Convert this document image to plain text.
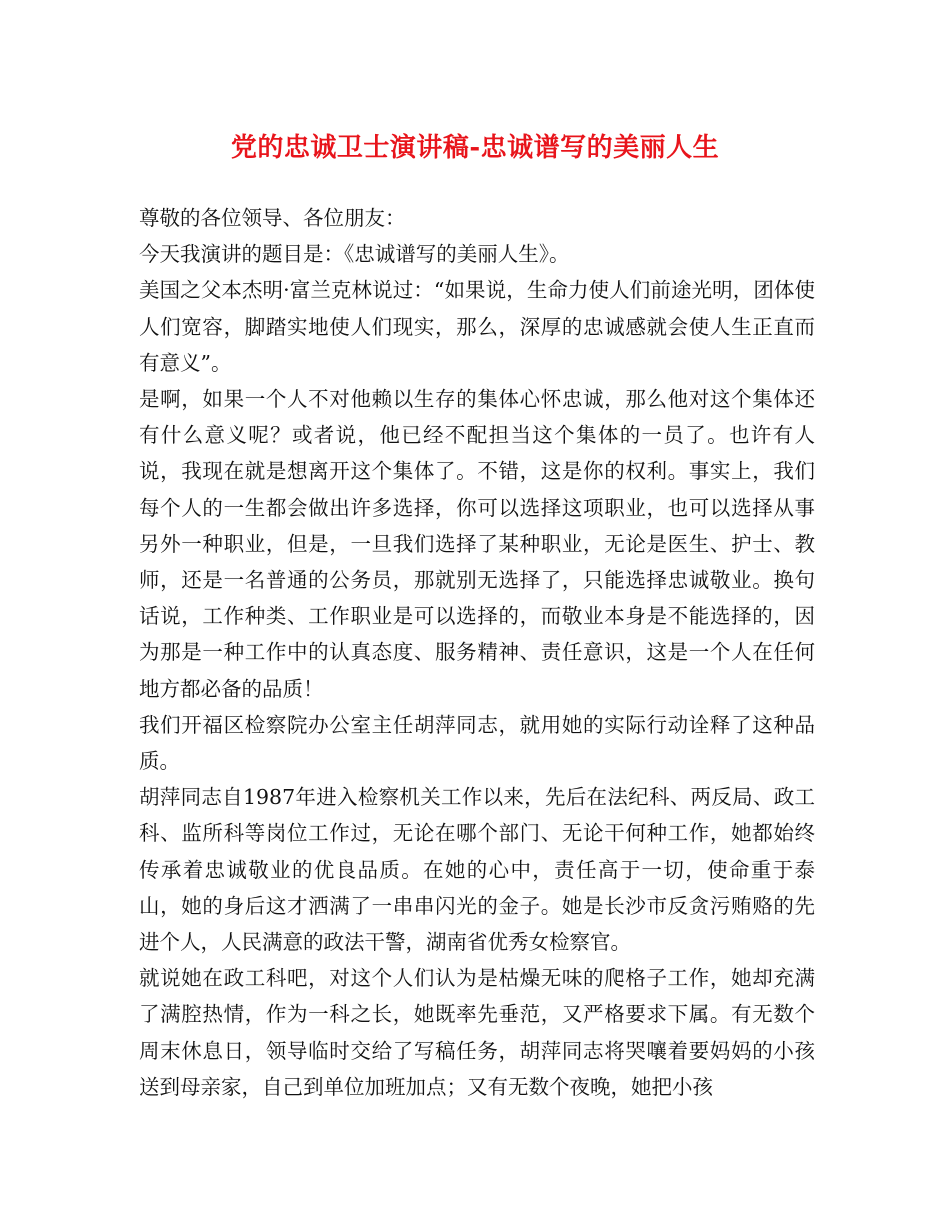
党的忠诚卫士演讲稿-忠诚谱写的美丽人生

尊敬的各位领导、各位朋友：

今天我演讲的题目是：《忠诚谱写的美丽人生》。

美国之父本杰明·富兰克林说过：“如果说，生命力使人们前途光明，团体使人们宽容，脚踏实地使人们现实，那么，深厚的忠诚感就会使人生正直而有意义”。

是啊，如果一个人不对他赖以生存的集体心怀忠诚，那么他对这个集体还有什么意义呢？或者说，他已经不配担当这个集体的一员了。也许有人说，我现在就是想离开这个集体了。不错，这是你的权利。事实上，我们每个人的一生都会做出许多选择，你可以选择这项职业，也可以选择从事另外一种职业，但是，一旦我们选择了某种职业，无论是医生、护士、教师，还是一名普通的公务员，那就别无选择了，只能选择忠诚敬业。换句话说，工作种类、工作职业是可以选择的，而敬业本身是不能选择的，因为那是一种工作中的认真态度、服务精神、责任意识，这是一个人在任何地方都必备的品质！

我们开福区检察院办公室主任胡萍同志，就用她的实际行动诠释了这种品质。

胡萍同志自1987年进入检察机关工作以来，先后在法纪科、两反局、政工科、监所科等岗位工作过，无论在哪个部门、无论干何种工作，她都始终传承着忠诚敬业的优良品质。在她的心中，责任高于一切，使命重于泰山，她的身后这才洒满了一串串闪光的金子。她是长沙市反贪污贿赂的先进个人，人民满意的政法干警，湖南省优秀女检察官。

就说她在政工科吧，对这个人们认为是枯燥无味的爬格子工作，她却充满了满腔热情，作为一科之长，她既率先垂范，又严格要求下属。有无数个周末休息日，领导临时交给了写稿任务，胡萍同志将哭嚷着要妈妈的小孩送到母亲家，自己到单位加班加点；又有无数个夜晚，她把小孩
